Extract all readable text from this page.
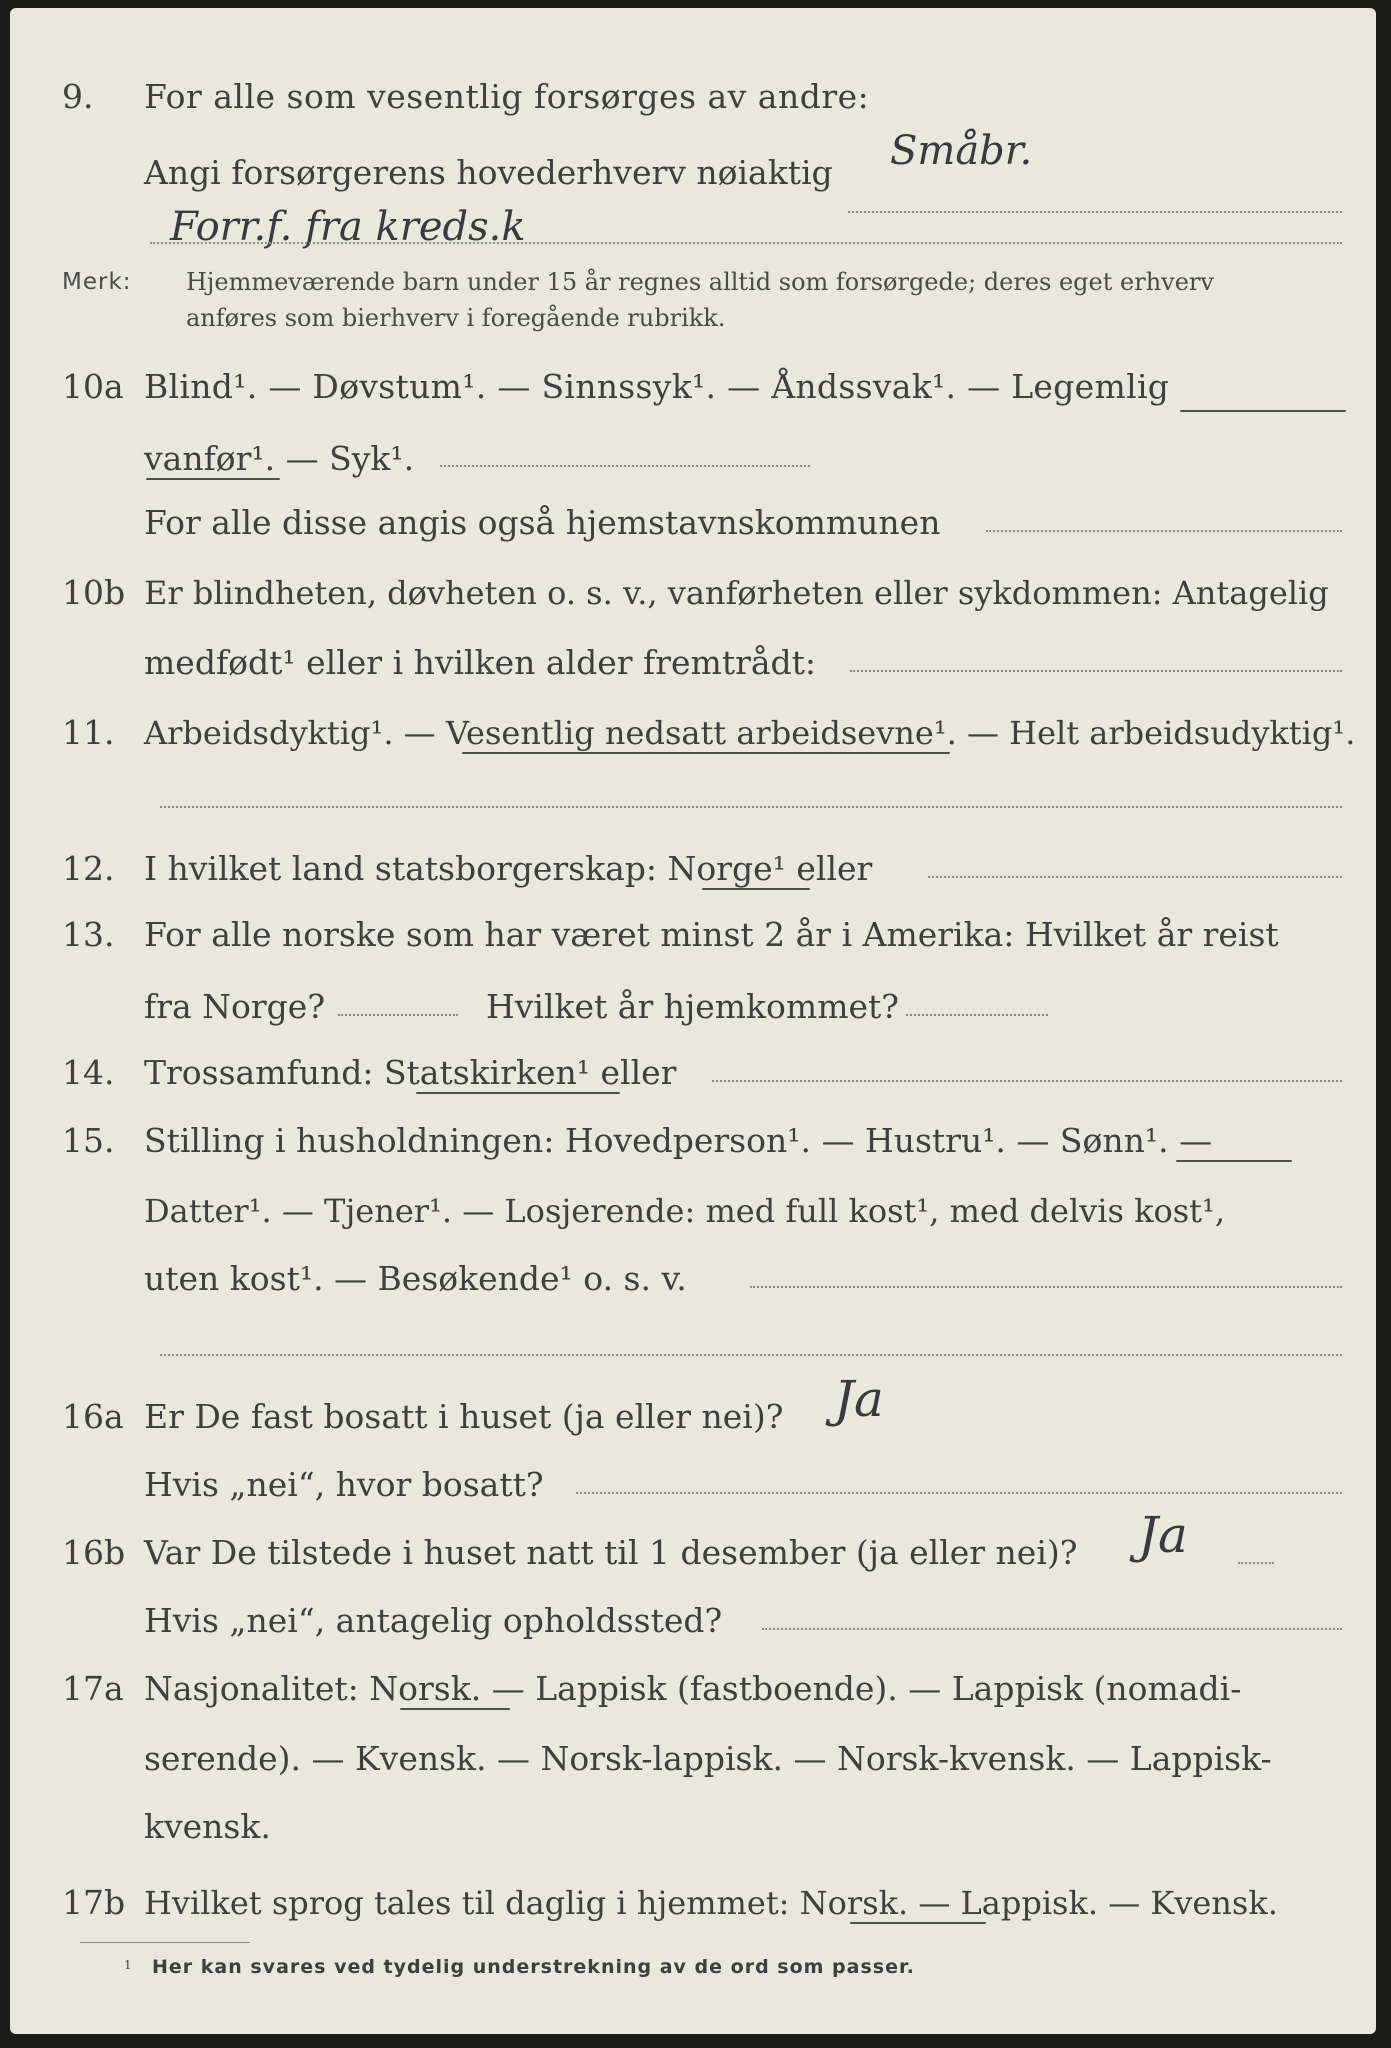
9. For alle som vesentlig forsørges av andre:
Angi forsørgerens hovederhverv nøiaktig Småbr.
Forr.f. fra kreds.k
Merk: Hjemmeværende barn under 15 år regnes alltid som forsørgede; deres eget erhverv
anføres som bierhverv i foregående rubrikk.
10a Blind¹. — Døvstum¹. — Sinnssyk¹. — Åndssvak¹. — Legemlig
vanfør¹. — Syk¹.
For alle disse angis også hjemstavnskommunen
10b Er blindheten, døvheten o. s. v., vanførheten eller sykdommen: Antagelig
medfødt¹ eller i hvilken alder fremtrådt:
11. Arbeidsdyktig¹. — Vesentlig nedsatt arbeidsevne¹. — Helt arbeidsudyktig¹.
12. I hvilket land statsborgerskap: Norge¹ eller
13. For alle norske som har været minst 2 år i Amerika: Hvilket år reist
fra Norge?	Hvilket år hjemkommet?
14. Trossamfund: Statskirken¹ eller
15. Stilling i husholdningen: Hovedperson¹. — Hustru¹. — Sønn¹. —
Datter¹. — Tjener¹. — Losjerende: med full kost¹, med delvis kost¹,
uten kost¹. — Besøkende¹ o. s. v.
16a Er De fast bosatt i huset (ja eller nei)? Ja
Hvis „nei“, hvor bosatt?
16b Var De tilstede i huset natt til 1 desember (ja eller nei)? Ja
Hvis „nei“, antagelig opholdssted?
17a Nasjonalitet: Norsk. — Lappisk (fastboende). — Lappisk (nomadi-
serende). — Kvensk. — Norsk-lappisk. — Norsk-kvensk. — Lappisk-
kvensk.
17b Hvilket sprog tales til daglig i hjemmet: Norsk. — Lappisk. — Kvensk.
1 Her kan svares ved tydelig understrekning av de ord som passer.
